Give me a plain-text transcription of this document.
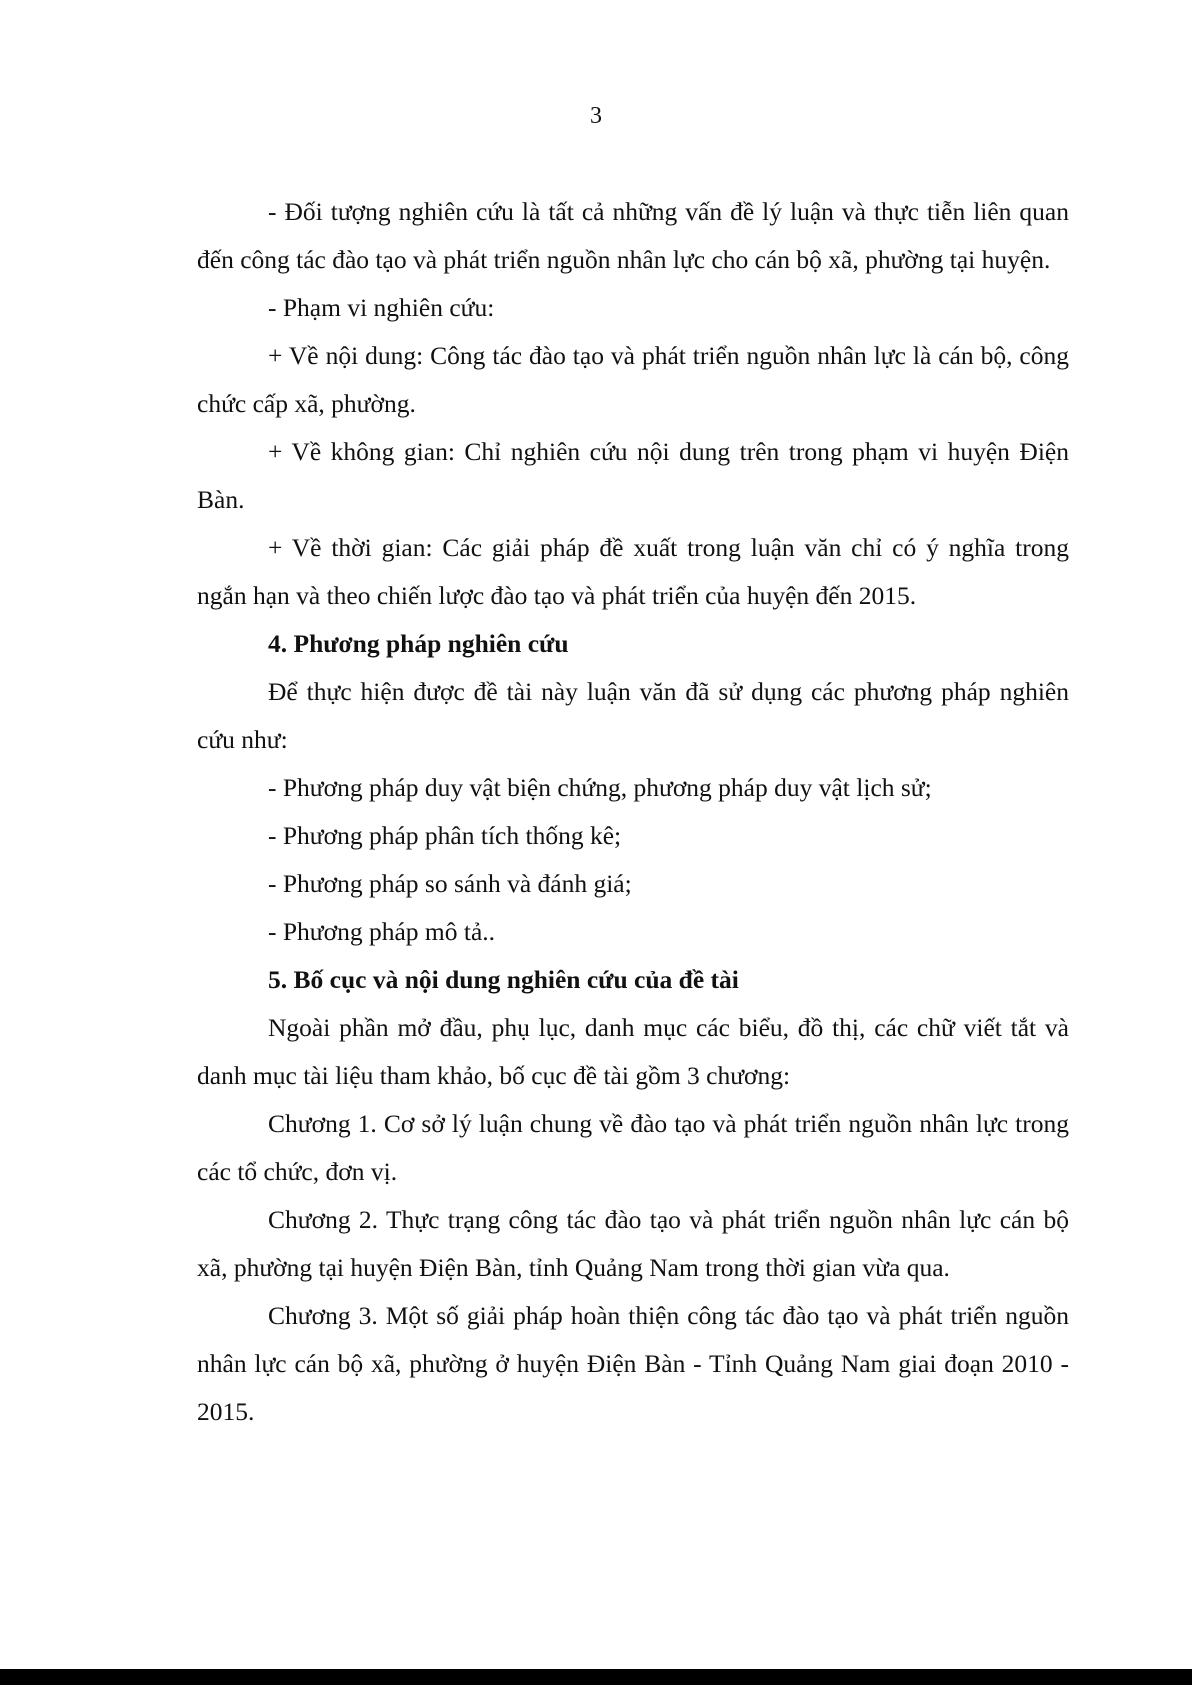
3

- Đối tượng nghiên cứu là tất cả những vấn đề lý luận và thực tiễn liên quan đến công tác đào tạo và phát triển nguồn nhân lực cho cán bộ xã, phường tại huyện.

- Phạm vi nghiên cứu:

+ Về nội dung: Công tác đào tạo và phát triển nguồn nhân lực là cán bộ, công chức cấp xã, phường.

+ Về không gian: Chỉ nghiên cứu nội dung trên trong phạm vi huyện Điện Bàn.

+ Về thời gian: Các giải pháp đề xuất trong luận văn chỉ có ý nghĩa trong ngắn hạn và theo chiến lược đào tạo và phát triển của huyện đến 2015.

4. Phương pháp nghiên cứu

Để thực hiện được đề tài này luận văn đã sử dụng các phương pháp nghiên cứu như:

- Phương pháp duy vật biện chứng, phương pháp duy vật lịch sử;

- Phương pháp phân tích thống kê;

- Phương pháp so sánh và đánh giá;

- Phương pháp mô tả..

5. Bố cục và nội dung nghiên cứu của đề tài

Ngoài phần mở đầu, phụ lục, danh mục các biểu, đồ thị, các chữ viết tắt và danh mục tài liệu tham khảo, bố cục đề tài gồm 3 chương:

Chương 1. Cơ sở lý luận chung về đào tạo và phát triển nguồn nhân lực trong các tổ chức, đơn vị.

Chương 2. Thực trạng công tác đào tạo và phát triển nguồn nhân lực cán bộ xã, phường tại huyện Điện Bàn, tỉnh Quảng Nam trong thời gian vừa qua.

Chương 3. Một số giải pháp hoàn thiện công tác đào tạo và phát triển nguồn nhân lực cán bộ xã, phường ở huyện Điện Bàn - Tỉnh Quảng Nam giai đoạn 2010 - 2015.
